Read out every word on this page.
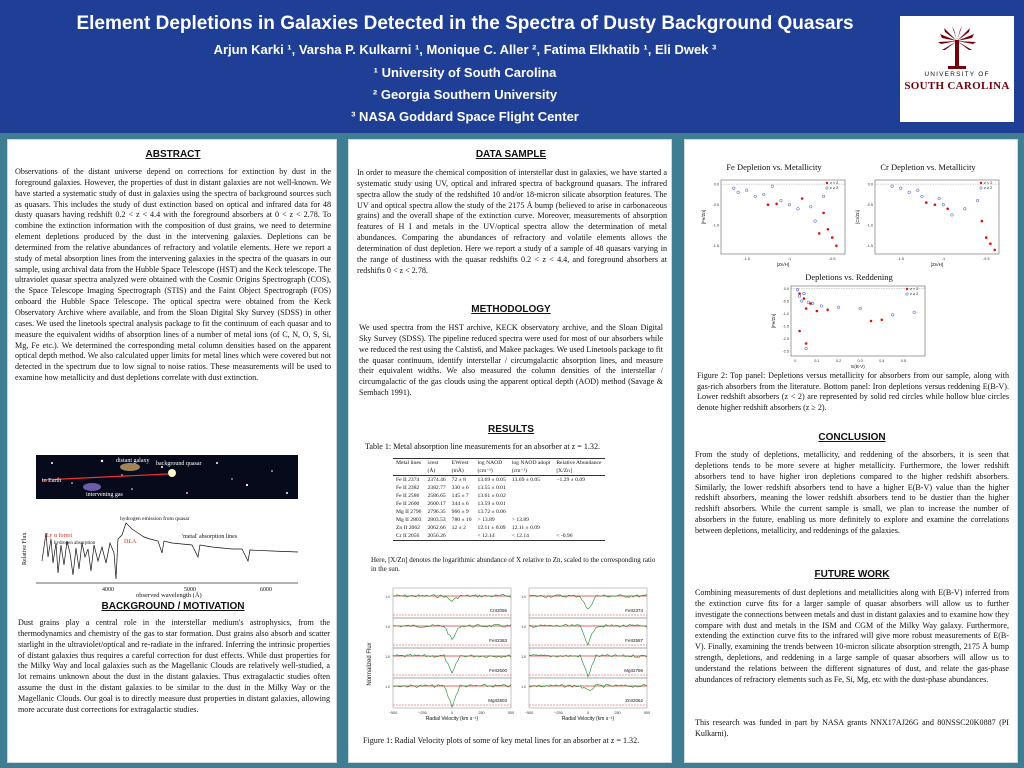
Element Depletions in Galaxies Detected in the Spectra of Dusty Background Quasars
Arjun Karki ¹, Varsha P. Kulkarni ¹, Monique C. Aller ², Fatima Elkhatib ¹, Eli Dwek ³
¹ University of South Carolina
² Georgia Southern University
³ NASA Goddard Space Flight Center
UNIVERSITY OF
SOUTH CAROLINA
ABSTRACT
Observations of the distant universe depend on corrections for extinction by dust in the foreground galaxies. However, the properties of dust in distant galaxies are not well-known. We have started a systematic study of dust in galaxies using the spectra of background sources such as quasars. This includes the study of dust extinction based on optical and infrared data for 48 dusty quasars having redshift 0.2 < z < 4.4 with the foreground absorbers at 0 < z < 2.78. To combine the extinction information with the composition of dust grains, we need to determine element depletions produced by the dust in the intervening galaxies. Depletions can be determined from the relative abundances of refractory and volatile elements. Here we report a study of metal absorption lines from the intervening galaxies in the spectra of the quasars in our sample, using archival data from the Hubble Space Telescope (HST) and the Keck telescope. The ultraviolet quasar spectra analyzed were obtained with the Cosmic Origins Spectrograph (COS), the Space Telescope Imaging Spectrograph (STIS) and the Faint Object Spectrograph (FOS) onboard the Hubble Space Telescope. The optical spectra were obtained from the Keck Observatory Archive where available, and from the Sloan Digital Sky Survey (SDSS) in other cases. We used the linetools spectral analysis package to fit the continuum of each quasar and to measure the equivalent widths of absorption lines of a number of metal ions (of C, N, O, S, Si, Mg, Fe etc.). We determined the corresponding metal column densities based on the apparent optical depth method. We also calculated upper limits for metal lines which were covered but not detected in the spectrum due to low signal to noise ratios. These measurements will be used to examine how metallicity and dust depletions correlate with dust extinction.
to Earth
distant galaxy background quasar
intervening gas
Relative Flux	Ly α forest
hydrogen absorption
hydrogen emission from quasar
DLA
'metal' absorption lines
4000	5000	6000
observed wavelength (Å)
BACKGROUND / MOTIVATION
Dust grains play a central role in the interstellar medium's astrophysics, from the thermodynamics and chemistry of the gas to star formation. Dust grains also absorb and scatter starlight in the ultraviolet/optical and re-radiate in the infrared. Inferring the intrinsic properties of distant galaxies thus requires a careful correction for dust effects. While dust properties for the Milky Way and local galaxies such as the Magellanic Clouds are relatively well-studied, a lot remains unknown about the dust in the distant galaxies. Thus extragalactic studies often assume the dust in the distant galaxies to be similar to the dust in the Milky Way or the Magellanic Clouds. Our goal is to directly measure dust properties in distant galaxies, allowing more accurate dust corrections for extragalactic studies.
DATA SAMPLE
In order to measure the chemical composition of interstellar dust in galaxies, we have started a systematic study using UV, optical and infrared spectra of background quasars. The infrared spectra allow the study of the redshifted 10 and/or 18-micron silicate absorption features. The UV and optical spectra allow the study of the 2175 Å bump (believed to arise in carbonaceous grains) and the overall shape of the extinction curve. Moreover, measurements of absorption features of H I and metals in the UV/optical spectra allow the determination of metal abundances. Comparing the abundances of refractory and volatile elements allows the determination of dust depletion. Here we report a study of a sample of 48 quasars varying in the range of dustiness with the quasar redshifts 0.2 < z < 4.4, and foreground absorbers at redshifts 0 < z < 2.78.
METHODOLOGY
We used spectra from the HST archive, KECK observatory archive, and the Sloan Digital Sky Survey (SDSS). The pipeline reduced spectra were used for most of our absorbers while we reduced the rest using the Calstis6, and Makee packages. We used Linetools package to fit the quasar continuum, identify interstellar / circumgalactic absorption lines, and measure their equivalent widths. We also measured the column densities of the interstellar / circumgalactic of the gas clouds using the apparent optical depth (AOD) method (Savage & Sembach 1991).
RESULTS
Table 1: Metal absorption line measurements for an absorber at z = 1.32.
Metal lines	λrest	EWrest	log NAOD	log NAOD adopt	Relative Abundance
	(Å)	(mÅ)	(cm⁻²)	(cm⁻²)	[X/Zn]
Fe II 2374	2374.46	72 ± 8	13.69 ± 0.05	13.69 ± 0.05	−1.29 ± 0.09
Fe II 2382	2382.77	330 ± 6	13.55 ± 0.01		
Fe II 2586	2586.65	145 ± 7	13.61 ± 0.02		
Fe II 2600	2600.17	344 ± 6	13.59 ± 0.01		
Mg II 2796	2796.35	966 ± 9	13.72 ± 0.06		
Mg II 2803	2803.53	780 ± 10	> 13.89	> 13.89	
Zn II 2062	2062.66	12 ± 2	12.11 ± 0.09	12.11 ± 0.09	
Cr II 2056	2056.26		< 12.14	< 12.14	< -0.96
Here, [X/Zn] denotes the logarithmic abundance of X relative to Zn, scaled to the corresponding ratio in the sun.
CrII2056
1.0
FeII2383
1.0
FeII2600
1.0
MgII2803
1.0
−500	−250	0	250	500
Radial Velocity (km s⁻¹)
FeII2374
1.0
FeII2587
1.0
MgII2796
1.0
ZnII2062
1.0
−500	−250	0	250	500
Radial Velocity (km s⁻¹)
Normalized Flux
Figure 1: Radial Velocity plots of some of key metal lines for an absorber at z = 1.32.
Fe Depletion vs. Metallicity
-1.5	-1	-0.5
0.0
-0.5
-1.0
-1.5
[Zn/H]
[Fe/Zn]
z < 2
z ≥ 2
Cr Depletion vs. Metallicity
-1.5	-1	-0.5
0.0
-0.5
-1.0
-1.5
[Zn/H]
[Cr/Zn]
z < 2
z ≥ 2
Depletions vs. Reddening
0	0.1	0.2	0.3	0.4	0.5
0.0
-0.5
-1.0
-1.5
-2.0
-2.5
E(B-V)
[Fe/Zn]
z < 2
z ≥ 2
Figure 2: Top panel: Depletions versus metallicity for absorbers from our sample, along with gas-rich absorbers from the literature. Bottom panel: Iron depletions versus reddening E(B-V). Lower redshift absorbers (z < 2) are represented by solid red circles while hollow blue circles denote higher redshift absorbers (z ≥ 2).
CONCLUSION
From the study of depletions, metallicity, and reddening of the absorbers, it is seen that depletions tends to be more severe at higher metallicity. Furthermore, the lower redshift absorbers tend to have higher iron depletions compared to the higher redshift absorbers. Similarly, the lower redshift absorbers tend to have a higher E(B-V) value than the higher redshift absorbers, meaning the lower redshift absorbers tend to be dustier than the higher redshift absorbers. While the current sample is small, we plan to increase the number of absorbers in the future, enabling us more definitely to explore and examine the correlations between depletions, metallicity, and reddenings of the galaxies.
FUTURE WORK
Combining measurements of dust depletions and metallicities along with E(B-V) inferred from the extinction curve fits for a larger sample of quasar absorbers will allow us to further investigate the connections between metals and dust in distant galaxies and to examine how they compare with dust and metals in the ISM and CGM of the Milky Way galaxy. Furthermore, extending the extinction curve fits to the infrared will give more robust measurements of E(B-V). Finally, examining the trends between 10-micron silicate absorption strength, 2175 Å bump strength, depletions, and reddening in a large sample of quasar absorbers will allow us to understand the relations between the different signatures of dust, and relate the gas-phase abundances of refractory elements such as Fe, Si, Mg, etc with the dust-phase abundances.
This research was funded in part by NASA grants NNX17AJ26G and 80NSSC20K0887 (PI Kulkarni).
